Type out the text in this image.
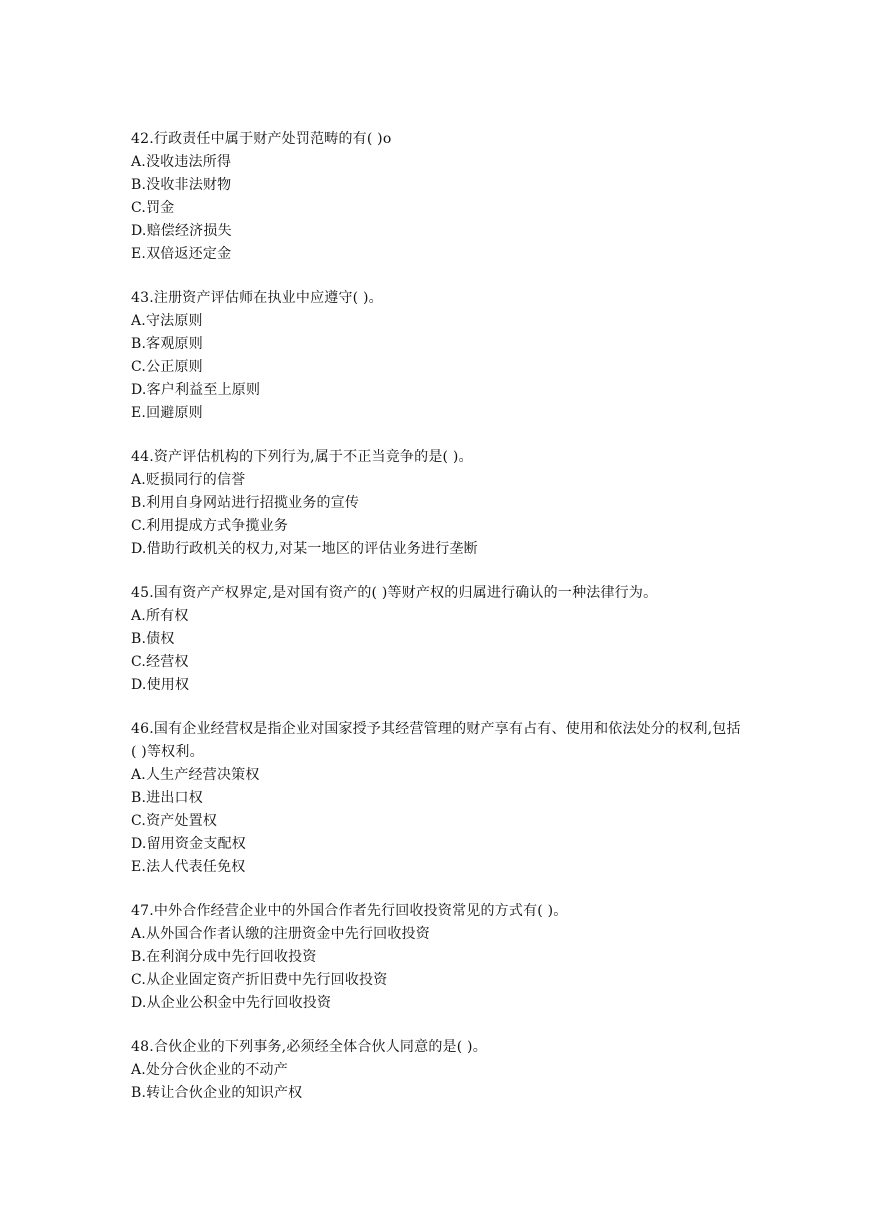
42.行政责任中属于财产处罚范畴的有( )o
A.没收违法所得
B.没收非法财物
C.罚金
D.赔偿经济损失
E.双倍返还定金
43.注册资产评估师在执业中应遵守( )。
A.守法原则
B.客观原则
C.公正原则
D.客户利益至上原则
E.回避原则
44.资产评估机构的下列行为,属于不正当竞争的是( )。
A.贬损同行的信誉
B.利用自身网站进行招揽业务的宣传
C.利用提成方式争揽业务
D.借助行政机关的权力,对某一地区的评估业务进行垄断
45.国有资产产权界定,是对国有资产的( )等财产权的归属进行确认的一种法律行为。
A.所有权
B.债权
C.经营权
D.使用权
46.国有企业经营权是指企业对国家授予其经营管理的财产享有占有、使用和依法处分的权利,包括( )等权利。
A.人生产经营决策权
B.进出口权
C.资产处置权
D.留用资金支配权
E.法人代表任免权
47.中外合作经营企业中的外国合作者先行回收投资常见的方式有( )。
A.从外国合作者认缴的注册资金中先行回收投资
B.在利润分成中先行回收投资
C.从企业固定资产折旧费中先行回收投资
D.从企业公积金中先行回收投资
48.合伙企业的下列事务,必须经全体合伙人同意的是( )。
A.处分合伙企业的不动产
B.转让合伙企业的知识产权
